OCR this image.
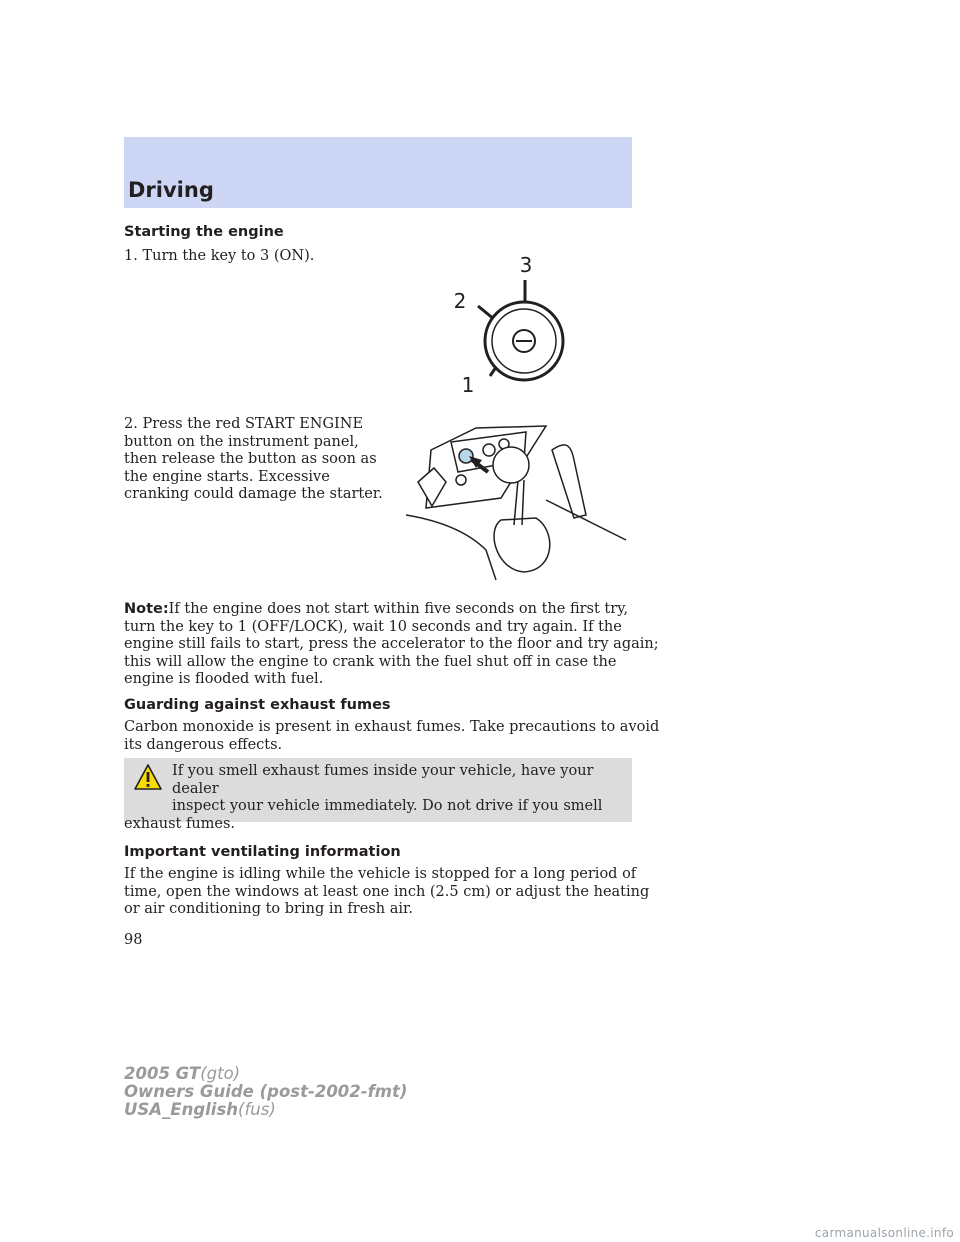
Driving
Starting the engine
1. Turn the key to 3 (ON).	3
2
1
2. Press the red START ENGINE
button on the instrument panel,
then release the button as soon as
the engine starts. Excessive
cranking could damage the starter.
Note:If the engine does not start within five seconds on the first try,
turn the key to 1 (OFF/LOCK), wait 10 seconds and try again. If the
engine still fails to start, press the accelerator to the floor and try again;
this will allow the engine to crank with the fuel shut off in case the
engine is flooded with fuel.
Guarding against exhaust fumes
Carbon monoxide is present in exhaust fumes. Take precautions to avoid
its dangerous effects.
If you smell exhaust fumes inside your vehicle, have your dealer
inspect your vehicle immediately. Do not drive if you smell
exhaust fumes.
Important ventilating information
If the engine is idling while the vehicle is stopped for a long period of
time, open the windows at least one inch (2.5 cm) or adjust the heating
or air conditioning to bring in fresh air.
98
2005 GT(gto)
Owners Guide (post-2002-fmt)
USA_English(fus)
carmanualsonline.info
